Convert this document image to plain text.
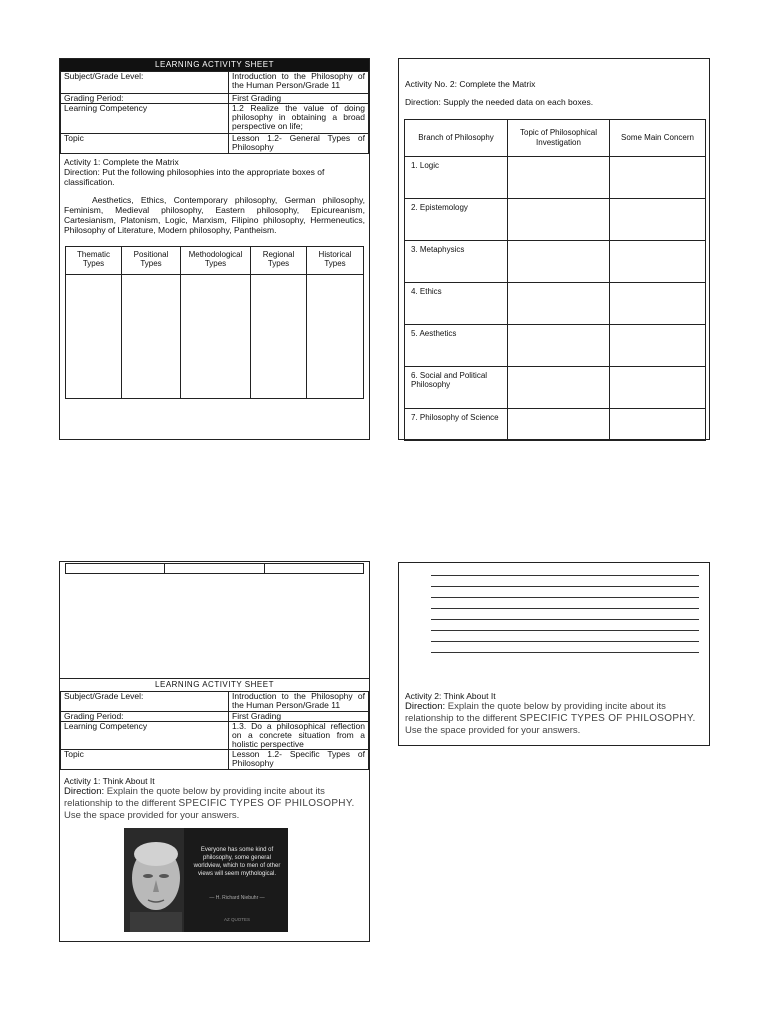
LEARNING ACTIVITY SHEET
Subject/Grade Level:	Introduction to the Philosophy of the Human Person/Grade 11
Grading Period:	First Grading
Learning Competency	1.2 Realize the value of doing philosophy in obtaining a broad perspective on life;
Topic	Lesson 1.2- General Types of Philosophy
Activity 1: Complete the Matrix
Direction: Put the following philosophies into the appropriate boxes of classification.
Aesthetics, Ethics, Contemporary philosophy, German philosophy, Feminism, Medieval philosophy, Eastern philosophy, Epicureanism, Cartesianism, Platonism, Logic, Marxism, Filipino philosophy, Hermeneutics, Philosophy of Literature, Modern philosophy, Pantheism.
Thematic Types	Positional Types	Methodological Types	Regional Types	Historical Types

Activity No. 2: Complete the Matrix
Direction: Supply the needed data on each boxes.
Branch of Philosophy	Topic of Philosophical Investigation	Some Main Concern
1. Logic		
2. Epistemology		
3. Metaphysics		
4. Ethics		
5. Aesthetics		
6. Social and Political Philosophy		
7. Philosophy of Science		

LEARNING ACTIVITY SHEET
Subject/Grade Level:	Introduction to the Philosophy of the Human Person/Grade 11
Grading Period:	First Grading
Learning Competency	1.3. Do a philosophical reflection on a concrete situation from a holistic perspective
Topic	Lesson 1.2- Specific Types of Philosophy
Activity 1: Think About It
Direction: Explain the quote below by providing incite about its relationship to the different SPECIFIC TYPES OF PHILOSOPHY. Use the space provided for your answers.
Everyone has some kind of philosophy, some general worldview, which to men of other views will seem mythological.
— H. Richard Niebuhr —
AZ QUOTES
Activity 2: Think About It
Direction: Explain the quote below by providing incite about its relationship to the different SPECIFIC TYPES OF PHILOSOPHY. Use the space provided for your answers.
